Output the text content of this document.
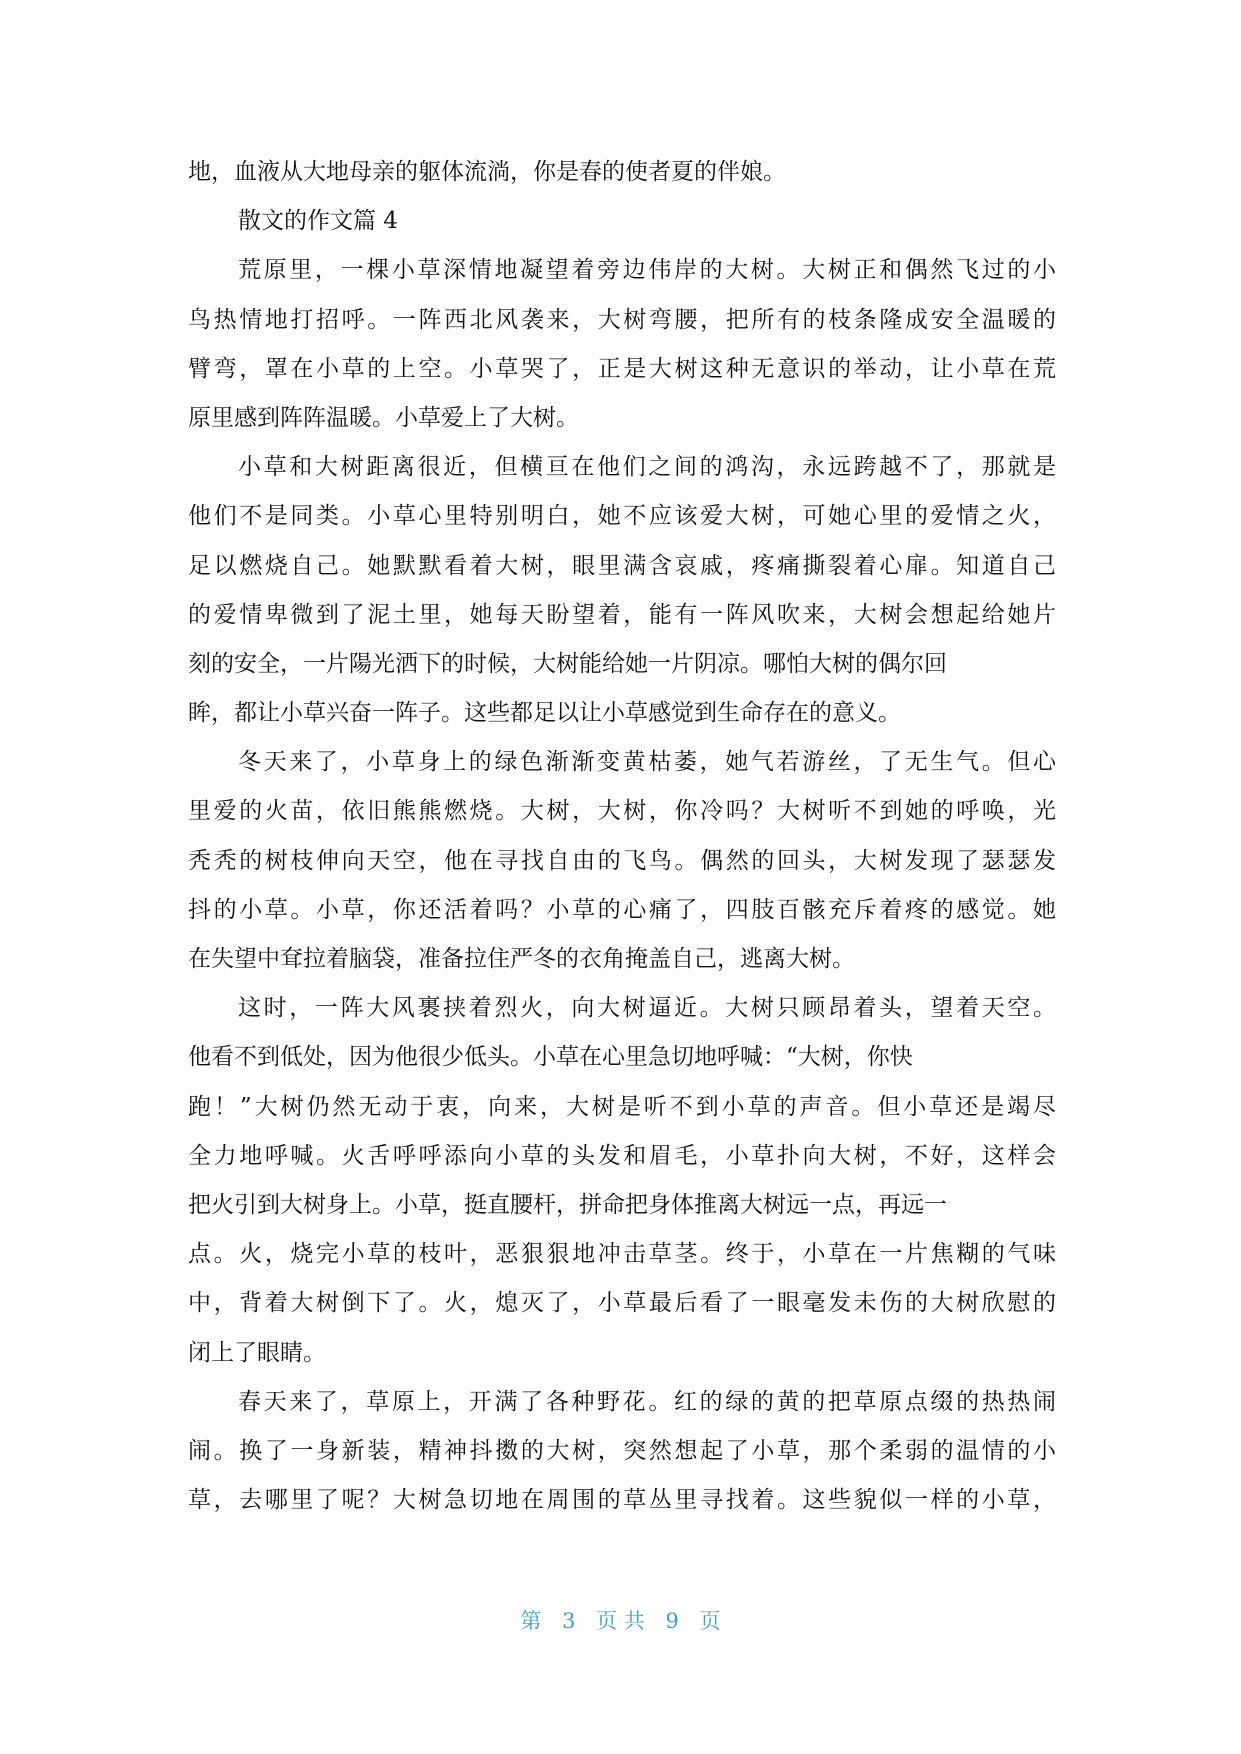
地，血液从大地母亲的躯体流淌，你是春的使者夏的伴娘。
散文的作文篇 4
荒原里，一棵小草深情地凝望着旁边伟岸的大树。大树正和偶然飞过的小
鸟热情地打招呼。一阵西北风袭来，大树弯腰，把所有的枝条隆成安全温暖的
臂弯，罩在小草的上空。小草哭了，正是大树这种无意识的举动，让小草在荒
原里感到阵阵温暖。小草爱上了大树。
小草和大树距离很近，但横亘在他们之间的鸿沟，永远跨越不了，那就是
他们不是同类。小草心里特别明白，她不应该爱大树，可她心里的爱情之火，
足以燃烧自己。她默默看着大树，眼里满含哀戚，疼痛撕裂着心扉。知道自己
的爱情卑微到了泥土里，她每天盼望着，能有一阵风吹来，大树会想起给她片
刻的安全，一片陽光洒下的时候，大树能给她一片阴凉。哪怕大树的偶尔回
眸，都让小草兴奋一阵子。这些都足以让小草感觉到生命存在的意义。
冬天来了，小草身上的绿色渐渐变黄枯萎，她气若游丝，了无生气。但心
里爱的火苗，依旧熊熊燃烧。大树，大树，你冷吗？大树听不到她的呼唤，光
秃秃的树枝伸向天空，他在寻找自由的飞鸟。偶然的回头，大树发现了瑟瑟发
抖的小草。小草，你还活着吗？小草的心痛了，四肢百骸充斥着疼的感觉。她
在失望中耷拉着脑袋，准备拉住严冬的衣角掩盖自己，逃离大树。
这时，一阵大风裹挟着烈火，向大树逼近。大树只顾昂着头，望着天空。
他看不到低处，因为他很少低头。小草在心里急切地呼喊：“大树，你快
跑！”大树仍然无动于衷，向来，大树是听不到小草的声音。但小草还是竭尽
全力地呼喊。火舌呼呼添向小草的头发和眉毛，小草扑向大树，不好，这样会
把火引到大树身上。小草，挺直腰杆，拼命把身体推离大树远一点，再远一
点。火，烧完小草的枝叶，恶狠狠地冲击草茎。终于，小草在一片焦糊的气味
中，背着大树倒下了。火，熄灭了，小草最后看了一眼毫发未伤的大树欣慰的
闭上了眼睛。
春天来了，草原上，开满了各种野花。红的绿的黄的把草原点缀的热热闹
闹。换了一身新装，精神抖擞的大树，突然想起了小草，那个柔弱的温情的小
草，去哪里了呢？大树急切地在周围的草丛里寻找着。这些貌似一样的小草，
第 3 页 共 9 页
